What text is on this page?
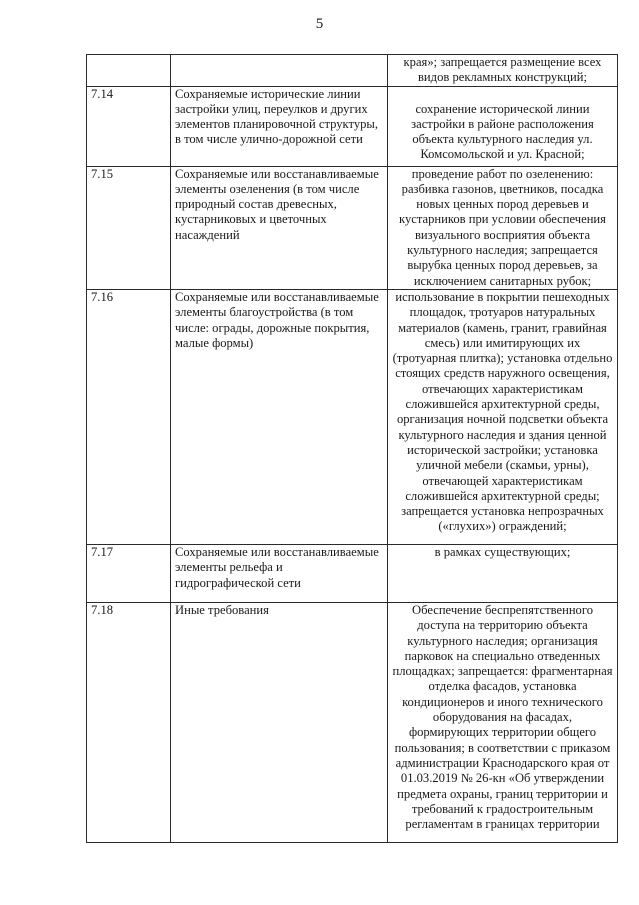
5
		края»; запрещается размещение всех видов рекламных конструкций;
7.14	Сохраняемые исторические линии застройки улиц, переулков и других элементов планировочной структуры, в том числе улично-дорожной сети	сохранение исторической линии застройки в районе расположения объекта культурного наследия ул. Комсомольской и ул. Красной;
7.15	Сохраняемые или восстанавливаемые элементы озеленения (в том числе природный состав древесных, кустарниковых и цветочных насаждений	проведение работ по озеленению: разбивка газонов, цветников, посадка новых ценных пород деревьев и кустарников при условии обеспечения визуального восприятия объекта культурного наследия; запрещается вырубка ценных пород деревьев, за исключением санитарных рубок;
7.16	Сохраняемые или восстанавливаемые элементы благоустройства (в том числе: ограды, дорожные покрытия, малые формы)	использование в покрытии пешеходных площадок, тротуаров натуральных материалов (камень, гранит, гравийная смесь) или имитирующих их (тротуарная плитка); установка отдельно стоящих средств наружного освещения, отвечающих характеристикам сложившейся архитектурной среды, организация ночной подсветки объекта культурного наследия и здания ценной исторической застройки; установка уличной мебели (скамьи, урны), отвечающей характеристикам сложившейся архитектурной среды; запрещается установка непрозрачных («глухих») ограждений;
7.17	Сохраняемые или восстанавливаемые элементы рельефа и гидрографической сети	в рамках существующих;
7.18	Иные требования	Обеспечение беспрепятственного доступа на территорию объекта культурного наследия; организация парковок на специально отведенных площадках; запрещается: фрагментарная отделка фасадов, установка кондиционеров и иного технического оборудования на фасадах, формирующих территории общего пользования; в соответствии с приказом администрации Краснодарского края от 01.03.2019 № 26-кн «Об утверждении предмета охраны, границ территории и требований к градостроительным регламентам в границах территории
